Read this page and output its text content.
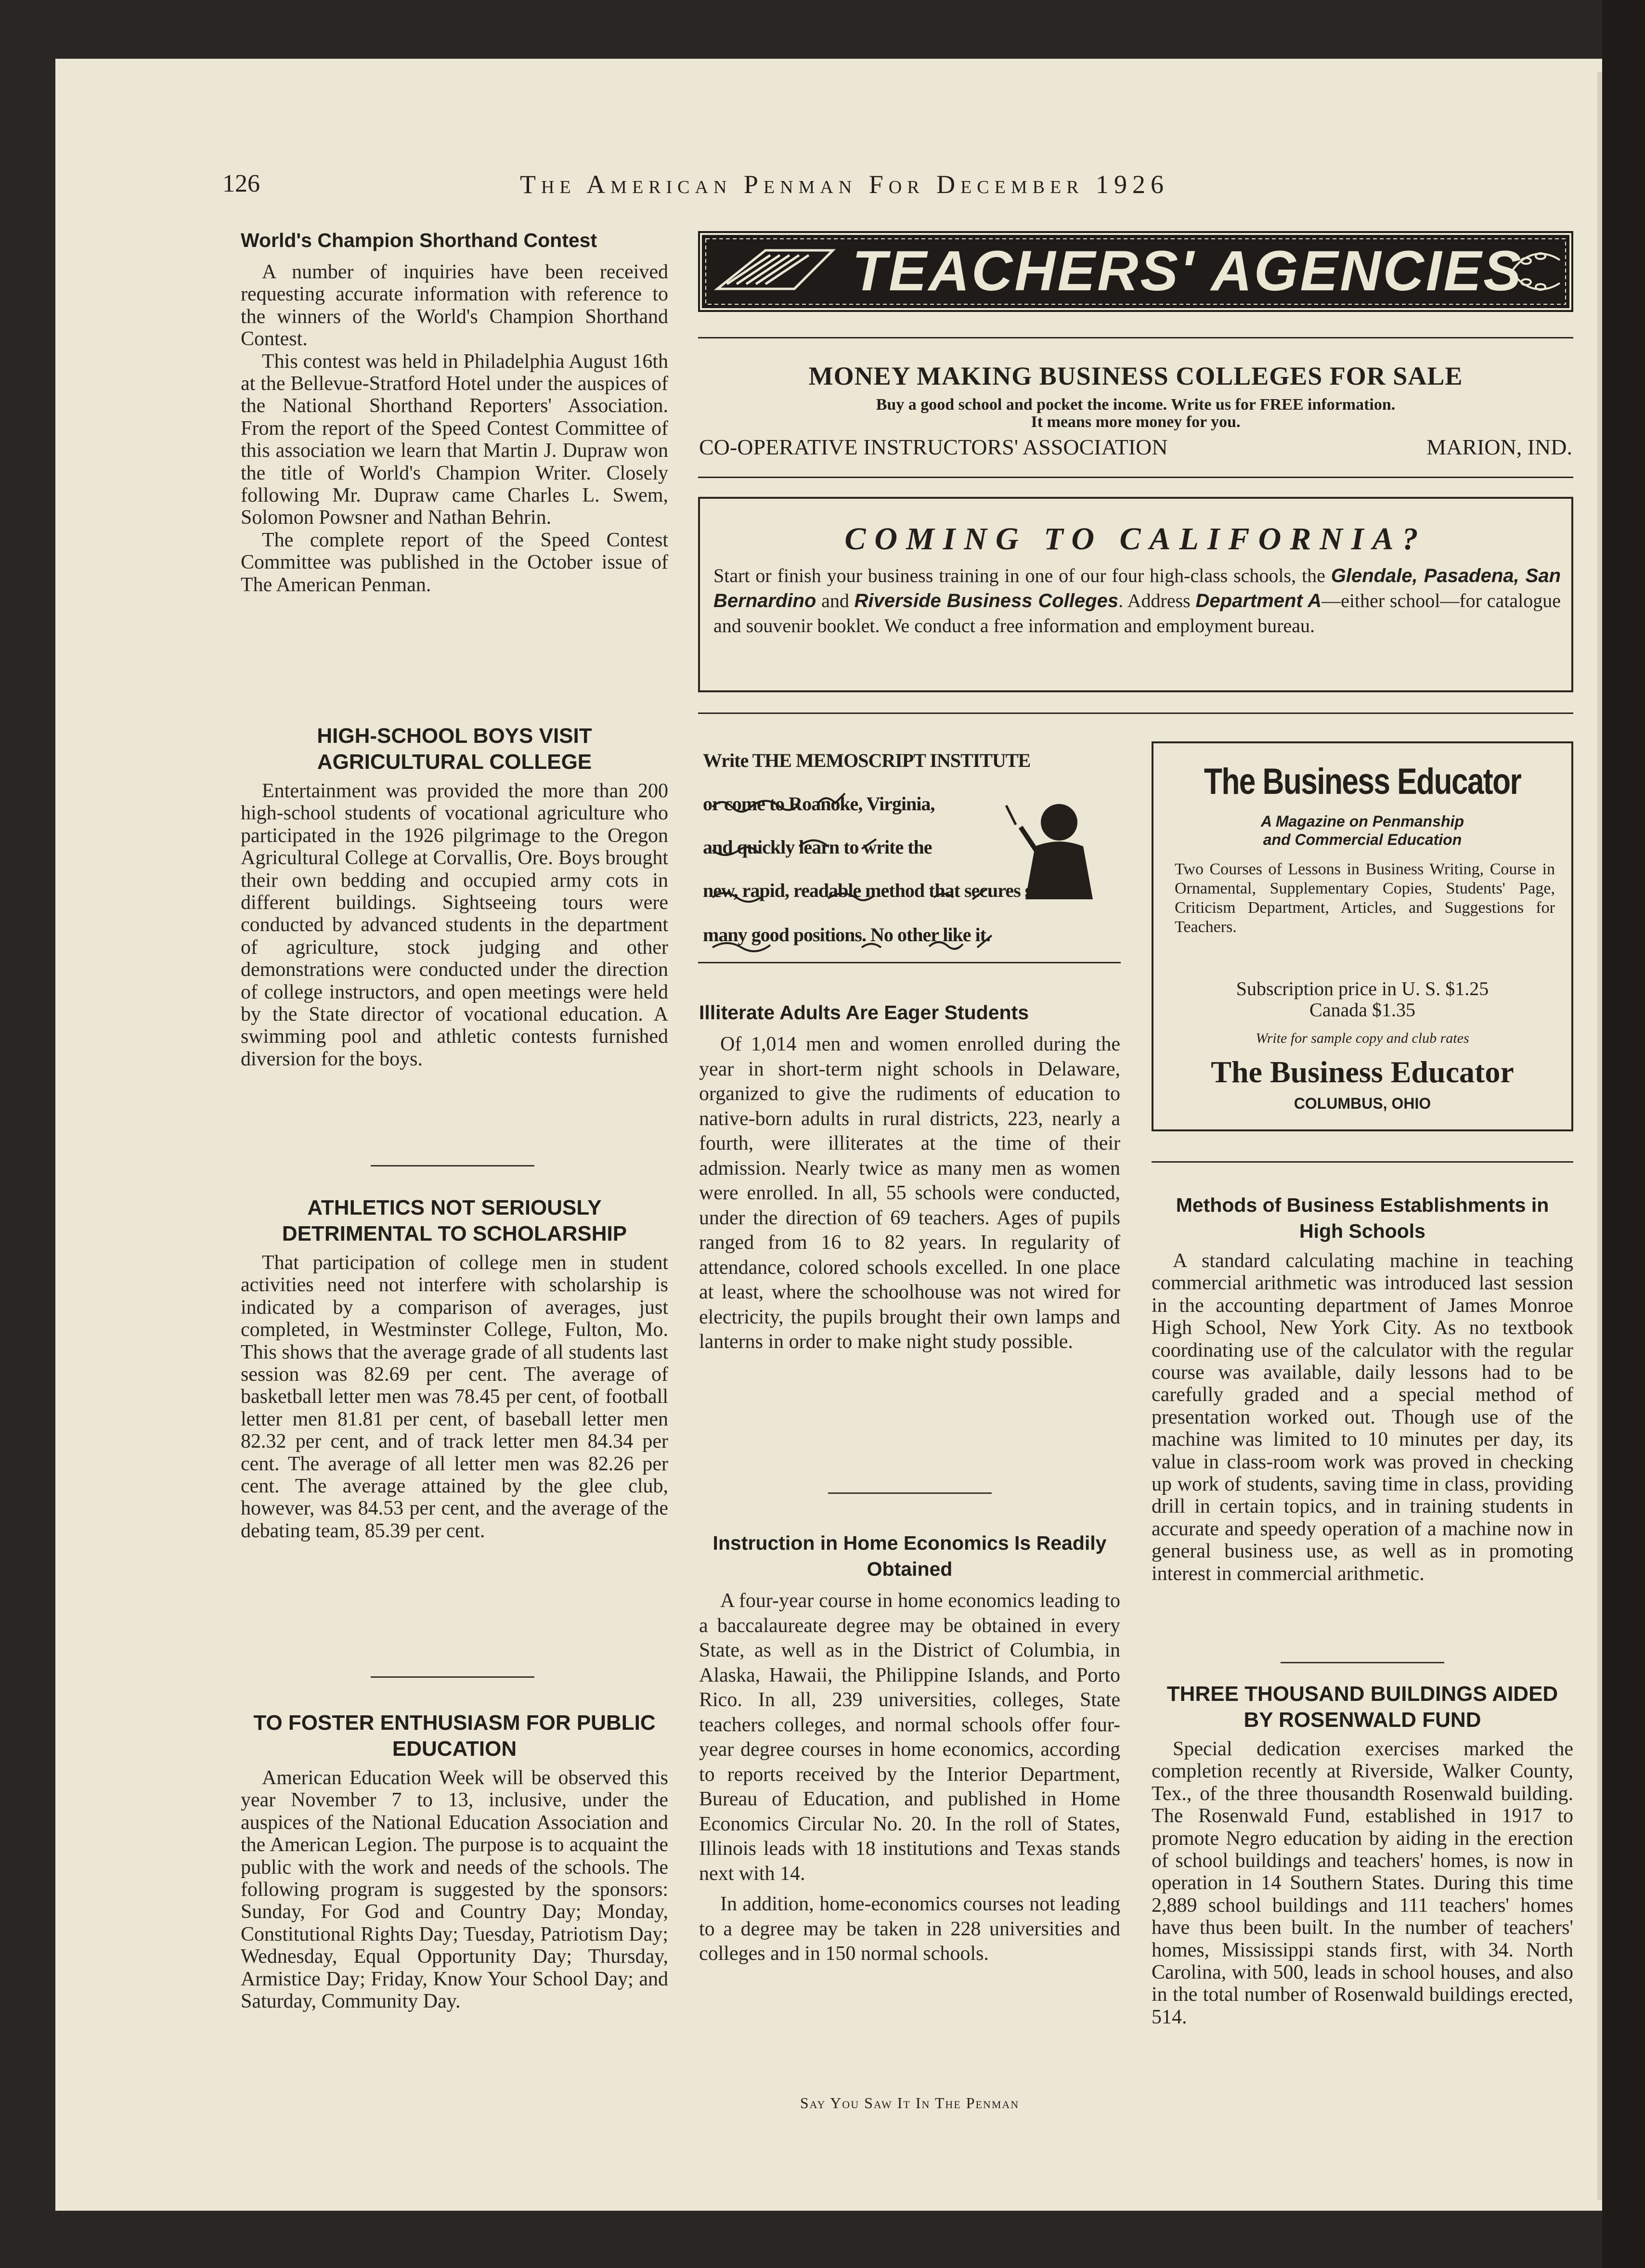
126	The American Penman For December 1926
World's Champion Shorthand Contest

A number of inquiries have been received requesting accurate information with reference to the winners of the World's Champion Shorthand Contest.

This contest was held in Philadelphia August 16th at the Bellevue-Stratford Hotel under the auspices of the National Shorthand Reporters' Association. From the report of the Speed Contest Committee of this association we learn that Martin J. Dupraw won the title of World's Champion Writer. Closely following Mr. Dupraw came Charles L. Swem, Solomon Powsner and Nathan Behrin.

The complete report of the Speed Contest Committee was published in the October issue of The American Penman.

HIGH-SCHOOL BOYS VISIT AGRICULTURAL COLLEGE

Entertainment was provided the more than 200 high-school students of vocational agriculture who participated in the 1926 pilgrimage to the Oregon Agricultural College at Corvallis, Ore. Boys brought their own bedding and occupied army cots in different buildings. Sightseeing tours were conducted by advanced students in the department of agriculture, stock judging and other demonstrations were conducted under the direction of college instructors, and open meetings were held by the State director of vocational education. A swimming pool and athletic contests furnished diversion for the boys.

ATHLETICS NOT SERIOUSLY DETRIMENTAL TO SCHOLARSHIP

That participation of college men in student activities need not interfere with scholarship is indicated by a comparison of averages, just completed, in Westminster College, Fulton, Mo. This shows that the average grade of all students last session was 82.69 per cent. The average of basketball letter men was 78.45 per cent, of football letter men 81.81 per cent, of baseball letter men 82.32 per cent, and of track letter men 84.34 per cent. The average of all letter men was 82.26 per cent. The average attained by the glee club, however, was 84.53 per cent, and the average of the debating team, 85.39 per cent.

TO FOSTER ENTHUSIASM FOR PUBLIC EDUCATION

American Education Week will be observed this year November 7 to 13, inclusive, under the auspices of the National Education Association and the American Legion. The purpose is to acquaint the public with the work and needs of the schools. The following program is suggested by the sponsors: Sunday, For God and Country Day; Monday, Constitutional Rights Day; Tuesday, Patriotism Day; Wednesday, Equal Opportunity Day; Thursday, Armistice Day; Friday, Know Your School Day; and Saturday, Community Day.

TEACHERS' AGENCIES
MONEY MAKING BUSINESS COLLEGES FOR SALE
Buy a good school and pocket the income. Write us for FREE information.
It means more money for you.
CO-OPERATIVE INSTRUCTORS' ASSOCIATION	MARION, IND.
COMING TO CALIFORNIA?
Start or finish your business training in one of our four high-class schools, the Glendale, Pasadena, San Bernardino and Riverside Business Colleges. Address Department A—either school—for catalogue and souvenir booklet. We conduct a free information and employment bureau.
Write THE MEMOSCRIPT INSTITUTE
or come to Roanoke, Virginia,
and quickly learn to write the
new, rapid, readable method that secures so
many good positions. No other like it.
The Business Educator
A Magazine on Penmanship
and Commercial Education
Two Courses of Lessons in Business Writing, Course in Ornamental, Supplementary Copies, Students' Page, Criticism Department, Articles, and Suggestions for Teachers.
Subscription price in U. S. $1.25
Canada $1.35
Write for sample copy and club rates
The Business Educator
COLUMBUS, OHIO
Illiterate Adults Are Eager Students

Of 1,014 men and women enrolled during the year in short-term night schools in Delaware, organized to give the rudiments of education to native-born adults in rural districts, 223, nearly a fourth, were illiterates at the time of their admission. Nearly twice as many men as women were enrolled. In all, 55 schools were conducted, under the direction of 69 teachers. Ages of pupils ranged from 16 to 82 years. In regularity of attendance, colored schools excelled. In one place at least, where the schoolhouse was not wired for electricity, the pupils brought their own lamps and lanterns in order to make night study possible.

Instruction in Home Economics Is Readily Obtained

A four-year course in home economics leading to a baccalaureate degree may be obtained in every State, as well as in the District of Columbia, in Alaska, Hawaii, the Philippine Islands, and Porto Rico. In all, 239 universities, colleges, State teachers colleges, and normal schools offer four-year degree courses in home economics, according to reports received by the Interior Department, Bureau of Education, and published in Home Economics Circular No. 20. In the roll of States, Illinois leads with 18 institutions and Texas stands next with 14.

In addition, home-economics courses not leading to a degree may be taken in 228 universities and colleges and in 150 normal schools.

Say You Saw It In The Penman
Methods of Business Establishments in High Schools

A standard calculating machine in teaching commercial arithmetic was introduced last session in the accounting department of James Monroe High School, New York City. As no textbook coordinating use of the calculator with the regular course was available, daily lessons had to be carefully graded and a special method of presentation worked out. Though use of the machine was limited to 10 minutes per day, its value in class-room work was proved in checking up work of students, saving time in class, providing drill in certain topics, and in training students in accurate and speedy operation of a machine now in general business use, as well as in promoting interest in commercial arithmetic.

THREE THOUSAND BUILDINGS AIDED BY ROSENWALD FUND

Special dedication exercises marked the completion recently at Riverside, Walker County, Tex., of the three thousandth Rosenwald building. The Rosenwald Fund, established in 1917 to promote Negro education by aiding in the erection of school buildings and teachers' homes, is now in operation in 14 Southern States. During this time 2,889 school buildings and 111 teachers' homes have thus been built. In the number of teachers' homes, Mississippi stands first, with 34. North Carolina, with 500, leads in school houses, and also in the total number of Rosenwald buildings erected, 514.
